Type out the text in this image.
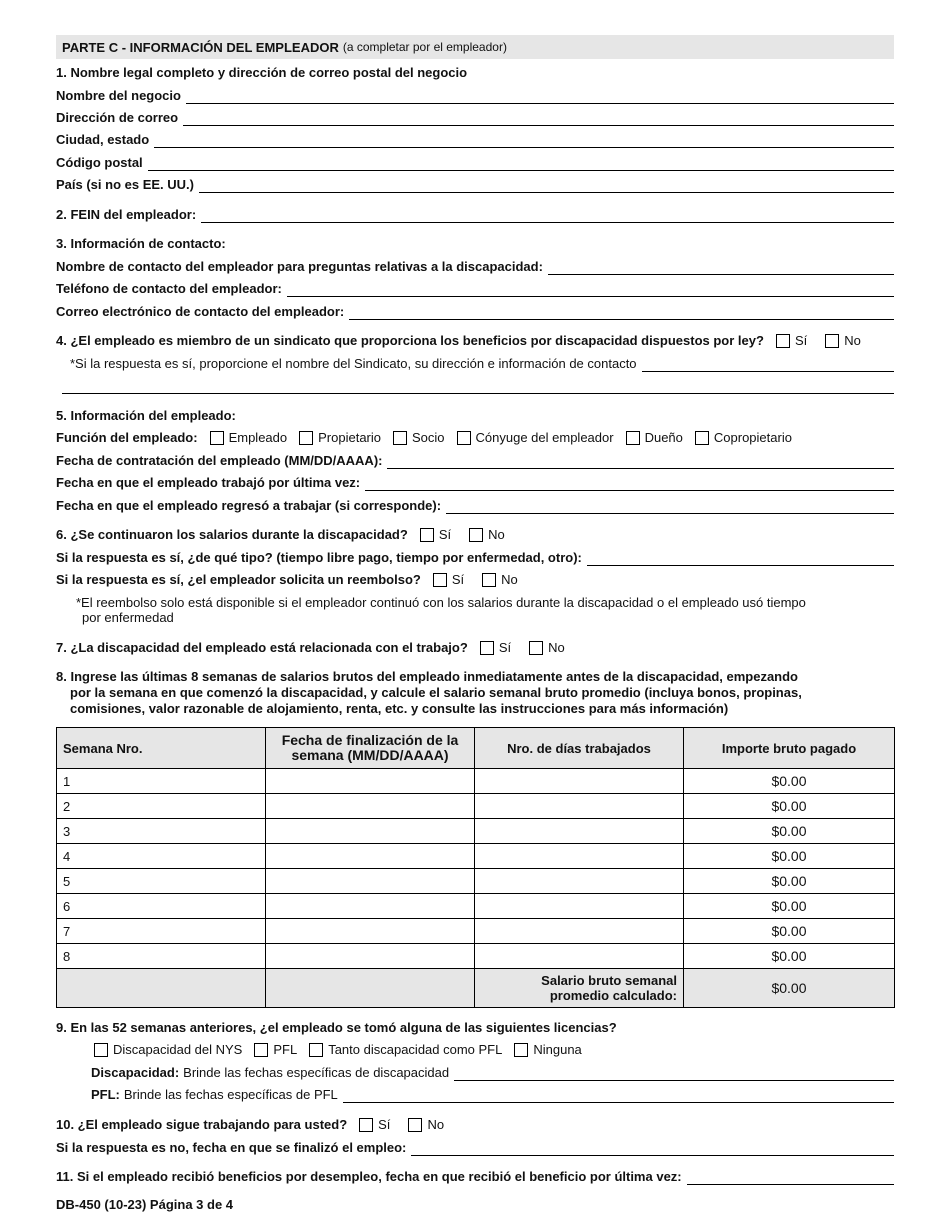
PARTE C - INFORMACIÓN DEL EMPLEADOR (a completar por el empleador)
1. Nombre legal completo y dirección de correo postal del negocio
Nombre del negocio
Dirección de correo
Ciudad, estado
Código postal
País (si no es EE. UU.)
2. FEIN del empleador:
3. Información de contacto:
Nombre de contacto del empleador para preguntas relativas a la discapacidad:
Teléfono de contacto del empleador:
Correo electrónico de contacto del empleador:
4. ¿El empleado es miembro de un sindicato que proporciona los beneficios por discapacidad dispuestos por ley? Sí	No
*Si la respuesta es sí, proporcione el nombre del Sindicato, su dirección e información de contacto
5. Información del empleado:
Función del empleado: Empleado Propietario Socio Cónyuge del empleador Dueño Copropietario
Fecha de contratación del empleado (MM/DD/AAAA):
Fecha en que el empleado trabajó por última vez:
Fecha en que el empleado regresó a trabajar (si corresponde):
6. ¿Se continuaron los salarios durante la discapacidad? Sí	No
Si la respuesta es sí, ¿de qué tipo? (tiempo libre pago, tiempo por enfermedad, otro):
Si la respuesta es sí, ¿el empleador solicita un reembolso? Sí	No
*El reembolso solo está disponible si el empleador continuó con los salarios durante la discapacidad o el empleado usó tiempo
por enfermedad
7. ¿La discapacidad del empleado está relacionada con el trabajo? Sí	No
8. Ingrese las últimas 8 semanas de salarios brutos del empleado inmediatamente antes de la discapacidad, empezando
por la semana en que comenzó la discapacidad, y calcule el salario semanal bruto promedio (incluya bonos, propinas,
comisiones, valor razonable de alojamiento, renta, etc. y consulte las instrucciones para más información)
Semana Nro.	Fecha de finalización de la semana (MM/DD/AAAA)	Nro. de días trabajados	Importe bruto pagado
1			$0.00
2			$0.00
3			$0.00
4			$0.00
5			$0.00
6			$0.00
7			$0.00
8			$0.00
		Salario bruto semanal promedio calculado:	$0.00
9. En las 52 semanas anteriores, ¿el empleado se tomó alguna de las siguientes licencias?
Discapacidad del NYS PFL Tanto discapacidad como PFL Ninguna
Discapacidad: Brinde las fechas específicas de discapacidad
PFL: Brinde las fechas específicas de PFL
10. ¿El empleado sigue trabajando para usted? Sí	No
Si la respuesta es no, fecha en que se finalizó el empleo:
11. Si el empleado recibió beneficios por desempleo, fecha en que recibió el beneficio por última vez:
DB-450 (10-23) Página 3 de 4
